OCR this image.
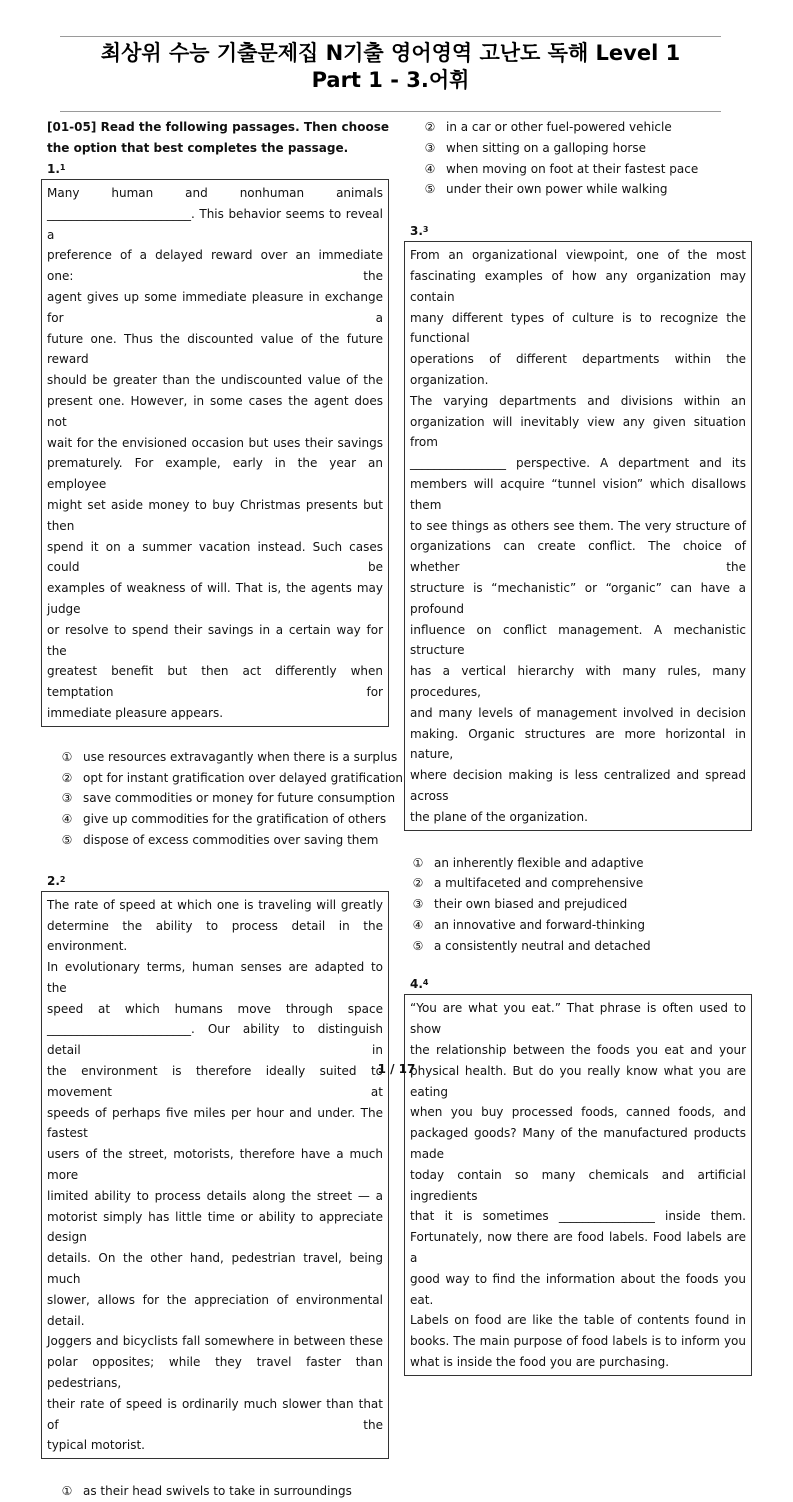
최상위 수능 기출문제집 N기출 영어영역 고난도 독해 Level 1
Part 1 - 3.어휘
[01-05] Read the following passages. Then choose the option that best completes the passage.
1.$^1$
Many human and nonhuman animals
________________________. This behavior seems to reveal a
preference of a delayed reward over an immediate one: the
agent gives up some immediate pleasure in exchange for a
future one. Thus the discounted value of the future reward
should be greater than the undiscounted value of the
present one. However, in some cases the agent does not
wait for the envisioned occasion but uses their savings
prematurely. For example, early in the year an employee
might set aside money to buy Christmas presents but then
spend it on a summer vacation instead. Such cases could be
examples of weakness of will. That is, the agents may judge
or resolve to spend their savings in a certain way for the
greatest benefit but then act differently when temptation for
immediate pleasure appears.
① use resources extravagantly when there is a surplus
② opt for instant gratification over delayed gratification
③ save commodities or money for future consumption
④ give up commodities for the gratification of others
⑤ dispose of excess commodities over saving them
2.$^2$
The rate of speed at which one is traveling will greatly
determine the ability to process detail in the environment.
In evolutionary terms, human senses are adapted to the
speed at which humans move through space
________________________. Our ability to distinguish detail in
the environment is therefore ideally suited to movement at
speeds of perhaps five miles per hour and under. The fastest
users of the street, motorists, therefore have a much more
limited ability to process details along the street — a
motorist simply has little time or ability to appreciate design
details. On the other hand, pedestrian travel, being much
slower, allows for the appreciation of environmental detail.
Joggers and bicyclists fall somewhere in between these
polar opposites; while they travel faster than pedestrians,
their rate of speed is ordinarily much slower than that of the
typical motorist.
① as their head swivels to take in surroundings
② in a car or other fuel-powered vehicle
③ when sitting on a galloping horse
④ when moving on foot at their fastest pace
⑤ under their own power while walking
3.$^3$
From an organizational viewpoint, one of the most
fascinating examples of how any organization may contain
many different types of culture is to recognize the functional
operations of different departments within the organization.
The varying departments and divisions within an
organization will inevitably view any given situation from
________________ perspective. A department and its
members will acquire “tunnel vision” which disallows them
to see things as others see them. The very structure of
organizations can create conflict. The choice of whether the
structure is “mechanistic” or “organic” can have a profound
influence on conflict management. A mechanistic structure
has a vertical hierarchy with many rules, many procedures,
and many levels of management involved in decision
making. Organic structures are more horizontal in nature,
where decision making is less centralized and spread across
the plane of the organization.
① an inherently flexible and adaptive
② a multifaceted and comprehensive
③ their own biased and prejudiced
④ an innovative and forward-thinking
⑤ a consistently neutral and detached
4.$^4$
“You are what you eat.” That phrase is often used to show
the relationship between the foods you eat and your
physical health. But do you really know what you are eating
when you buy processed foods, canned foods, and
packaged goods? Many of the manufactured products made
today contain so many chemicals and artificial ingredients
that it is sometimes ________________ inside them.
Fortunately, now there are food labels. Food labels are a
good way to find the information about the foods you eat.
Labels on food are like the table of contents found in
books. The main purpose of food labels is to inform you
what is inside the food you are purchasing.
1 / 17
